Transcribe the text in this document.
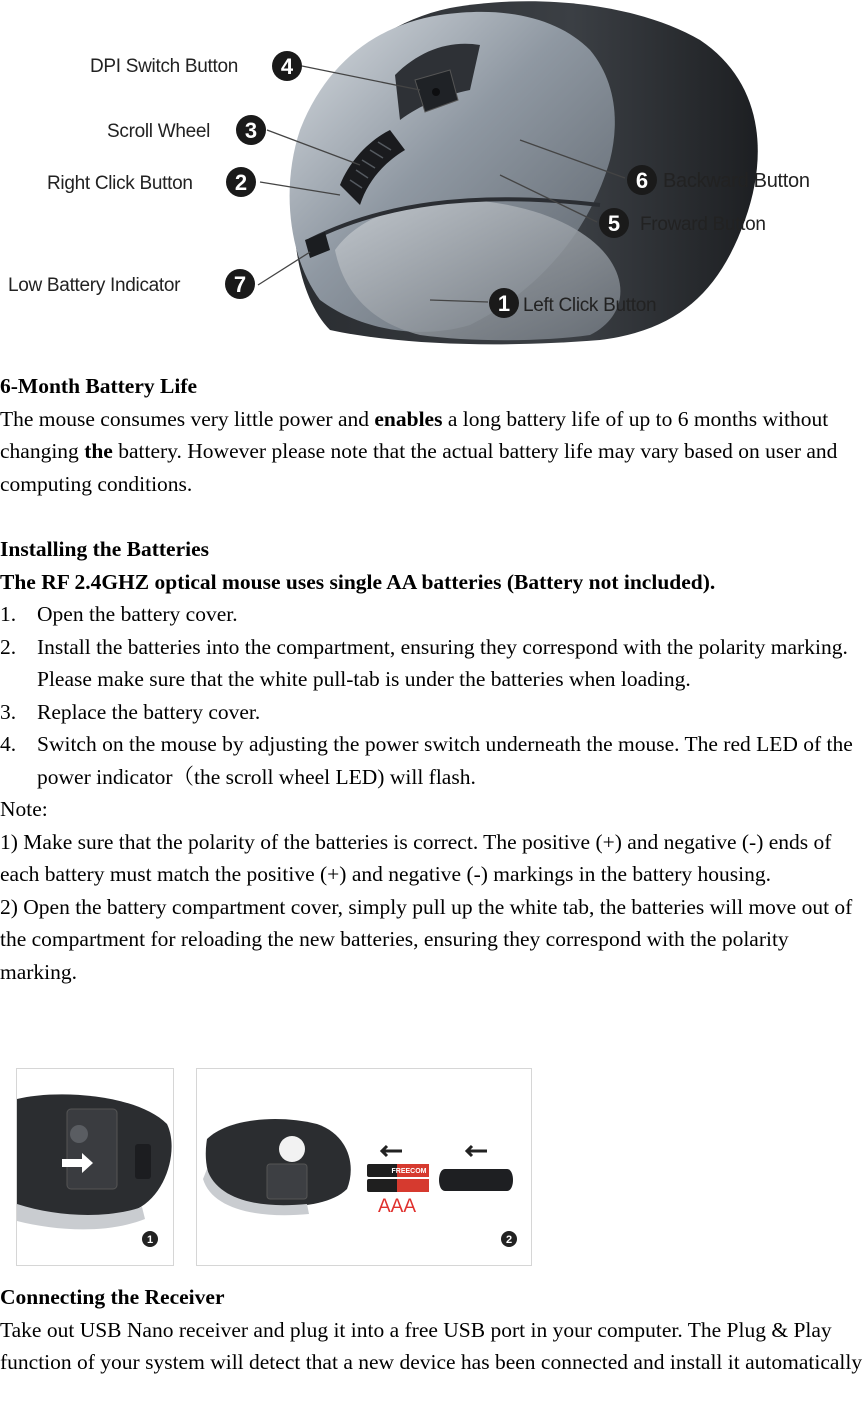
DPI Switch Button 4
Scroll Wheel 3
Right Click Button 2
Low Battery Indicator 7
6 Backward Button
5 Froward Button
1 Left Click Button

6-Month Battery Life

The mouse consumes very little power and enables a long battery life of up to 6 months without changing the battery. However please note that the actual battery life may vary based on user and computing conditions.

Installing the Batteries

The RF 2.4GHZ optical mouse uses single AA batteries (Battery not included).

1. Open the battery cover.
2. Install the batteries into the compartment, ensuring they correspond with the polarity marking. Please make sure that the white pull-tab is under the batteries when loading.
3. Replace the battery cover.
4. Switch on the mouse by adjusting the power switch underneath the mouse. The red LED of the power indicator（the scroll wheel LED) will flash.

Note:

1) Make sure that the polarity of the batteries is correct. The positive (+) and negative (-) ends of each battery must match the positive (+) and negative (-) markings in the battery housing.

2) Open the battery compartment cover, simply pull up the white tab, the batteries will move out of the compartment for reloading the new batteries, ensuring they correspond with the polarity marking.

1
FREECOM
AAA
2

Connecting the Receiver

Take out USB Nano receiver and plug it into a free USB port in your computer. The Plug & Play function of your system will detect that a new device has been connected and install it automatically
